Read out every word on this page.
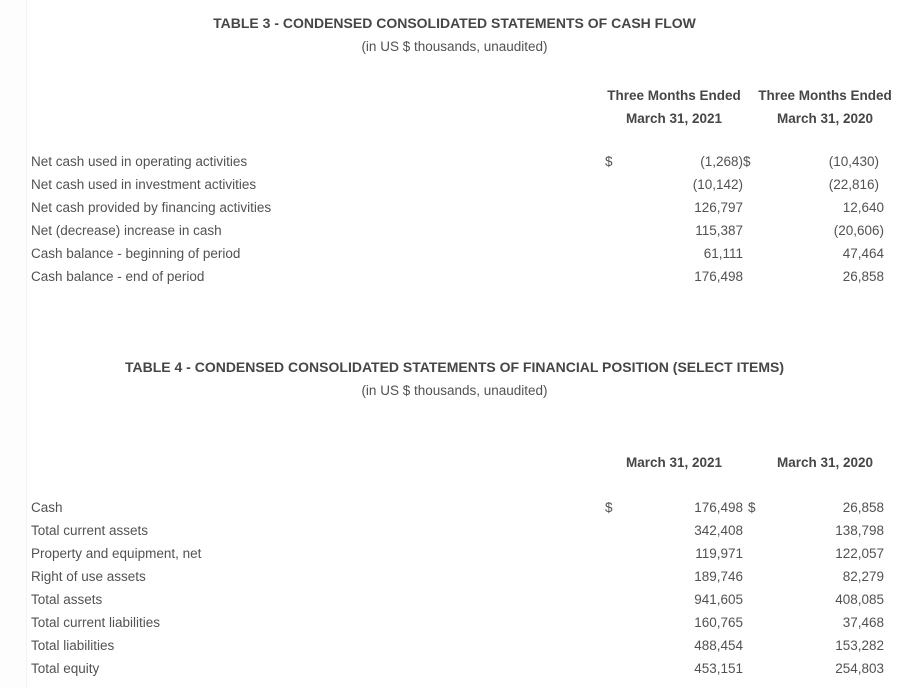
TABLE 3 - CONDENSED CONSOLIDATED STATEMENTS OF CASH FLOW
(in US $ thousands, unaudited)
Three Months Ended
March 31, 2021
Three Months Ended
March 31, 2020
Net cash used in operating activities	$	(1,268) $	(10,430)
Net cash used in investment activities	(10,142)	(22,816)
Net cash provided by financing activities	126,797	12,640
Net (decrease) increase in cash	115,387	(20,606)
Cash balance - beginning of period	61,111	47,464
Cash balance - end of period	176,498	26,858
TABLE 4 - CONDENSED CONSOLIDATED STATEMENTS OF FINANCIAL POSITION (SELECT ITEMS)
(in US $ thousands, unaudited)
March 31, 2021	March 31, 2020
Cash	$	176,498 $	26,858
Total current assets	342,408	138,798
Property and equipment, net	119,971	122,057
Right of use assets	189,746	82,279
Total assets	941,605	408,085
Total current liabilities	160,765	37,468
Total liabilities	488,454	153,282
Total equity	453,151	254,803
